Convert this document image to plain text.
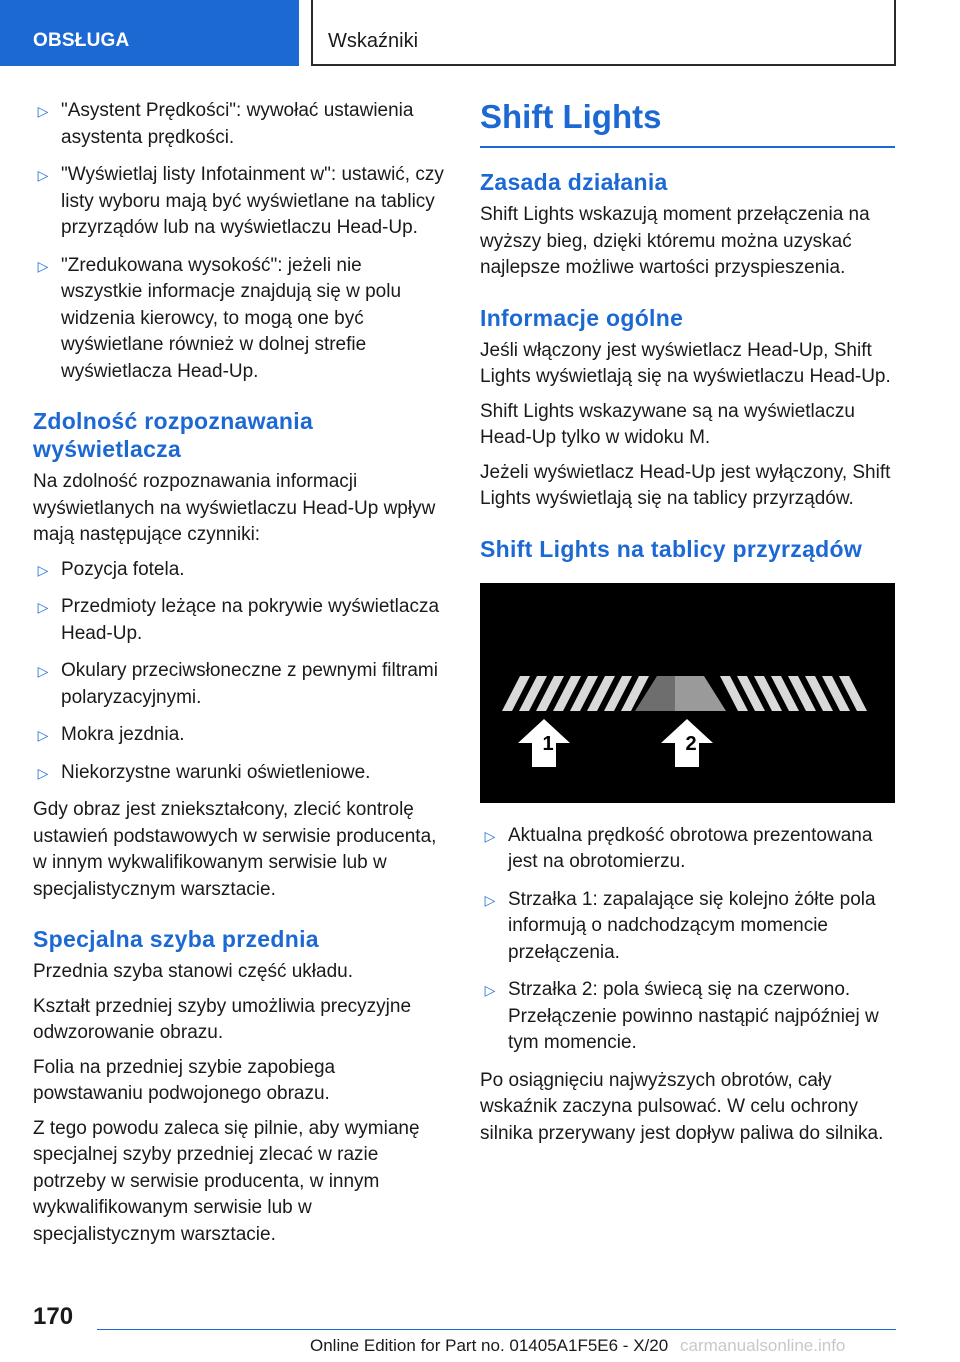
OBSŁUGA	Wskaźniki
▷ "Asystent Prędkości": wywołać ustawienia asystenta prędkości.
▷ "Wyświetlaj listy Infotainment w": ustawić, czy listy wyboru mają być wyświetlane na tablicy przyrządów lub na wyświetlaczu Head-Up.
▷ "Zredukowana wysokość": jeżeli nie wszystkie informacje znajdują się w polu widzenia kierowcy, to mogą one być wyświetlane również w dolnej strefie wyświetlacza Head-Up.
Zdolność rozpoznawania wyświetlacza

Na zdolność rozpoznawania informacji wyświetlanych na wyświetlaczu Head-Up wpływ mają następujące czynniki:

▷ Pozycja fotela.
▷ Przedmioty leżące na pokrywie wyświetlacza Head-Up.
▷ Okulary przeciwsłoneczne z pewnymi filtrami polaryzacyjnymi.
▷ Mokra jezdnia.
▷ Niekorzystne warunki oświetleniowe.

Gdy obraz jest zniekształcony, zlecić kontrolę ustawień podstawowych w serwisie producenta, w innym wykwalifikowanym serwisie lub w specjalistycznym warsztacie.

Specjalna szyba przednia

Przednia szyba stanowi część układu.

Kształt przedniej szyby umożliwia precyzyjne odwzorowanie obrazu.

Folia na przedniej szybie zapobiega powstawaniu podwojonego obrazu.

Z tego powodu zaleca się pilnie, aby wymianę specjalnej szyby przedniej zlecać w razie potrzeby w serwisie producenta, w innym wykwalifikowanym serwisie lub w specjalistycznym warsztacie.

Shift Lights
Zasada działania

Shift Lights wskazują moment przełączenia na wyższy bieg, dzięki któremu można uzyskać najlepsze możliwe wartości przyspieszenia.

Informacje ogólne

Jeśli włączony jest wyświetlacz Head-Up, Shift Lights wyświetlają się na wyświetlaczu Head-Up.

Shift Lights wskazywane są na wyświetlaczu Head-Up tylko w widoku M.

Jeżeli wyświetlacz Head-Up jest wyłączony, Shift Lights wyświetlają się na tablicy przyrządów.

Shift Lights na tablicy przyrządów
1	2
▷ Aktualna prędkość obrotowa prezentowana jest na obrotomierzu.
▷ Strzałka 1: zapalające się kolejno żółte pola informują o nadchodzącym momencie przełączenia.
▷ Strzałka 2: pola świecą się na czerwono. Przełączenie powinno nastąpić najpóźniej w tym momencie.

Po osiągnięciu najwyższych obrotów, cały wskaźnik zaczyna pulsować. W celu ochrony silnika przerywany jest dopływ paliwa do silnika.

170
Online Edition for Part no. 01405A1F5E6 - X/20 carmanualsonline.info
